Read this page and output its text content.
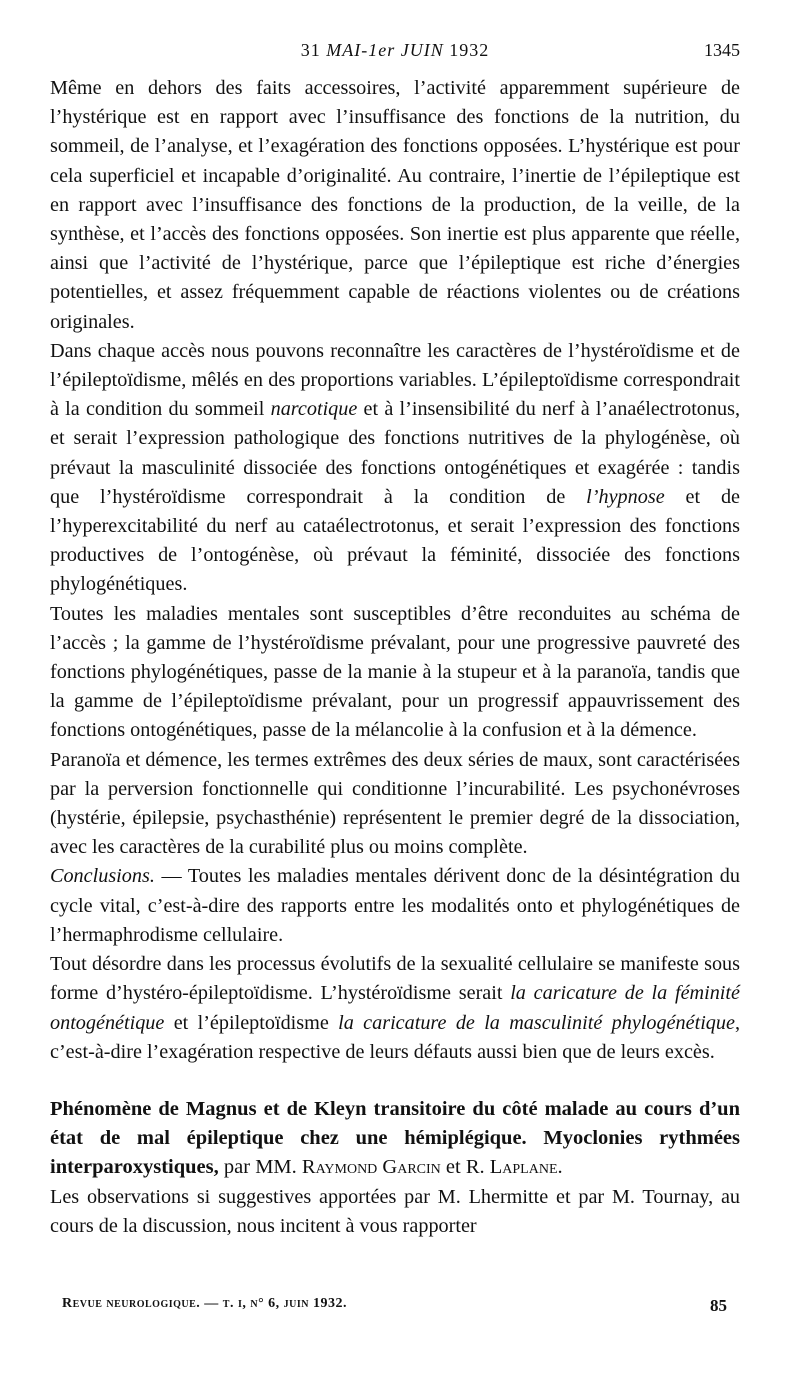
31 MAI-1er JUIN 1932	1345

Même en dehors des faits accessoires, l’activité apparemment supérieure de l’hystérique est en rapport avec l’insuffisance des fonctions de la nutrition, du sommeil, de l’analyse, et l’exagération des fonctions opposées. L’hystérique est pour cela superficiel et incapable d’originalité. Au contraire, l’inertie de l’épileptique est en rapport avec l’insuffisance des fonctions de la production, de la veille, de la synthèse, et l’accès des fonctions opposées. Son inertie est plus apparente que réelle, ainsi que l’activité de l’hystérique, parce que l’épileptique est riche d’énergies potentielles, et assez fréquemment capable de réactions violentes ou de créations originales.

Dans chaque accès nous pouvons reconnaître les caractères de l’hystéroïdisme et de l’épileptoïdisme, mêlés en des proportions variables. L’épileptoïdisme correspondrait à la condition du sommeil narcotique et à l’insensibilité du nerf à l’anaélectrotonus, et serait l’expression pathologique des fonctions nutritives de la phylogénèse, où prévaut la masculinité dissociée des fonctions ontogénétiques et exagérée : tandis que l’hystéroïdisme correspondrait à la condition de l’hypnose et de l’hyperexcitabilité du nerf au cataélectrotonus, et serait l’expression des fonctions productives de l’ontogénèse, où prévaut la féminité, dissociée des fonctions phylogénétiques.

Toutes les maladies mentales sont susceptibles d’être reconduites au schéma de l’accès ; la gamme de l’hystéroïdisme prévalant, pour une progressive pauvreté des fonctions phylogénétiques, passe de la manie à la stupeur et à la paranoïa, tandis que la gamme de l’épileptoïdisme prévalant, pour un progressif appauvrissement des fonctions ontogénétiques, passe de la mélancolie à la confusion et à la démence.

Paranoïa et démence, les termes extrêmes des deux séries de maux, sont caractérisées par la perversion fonctionnelle qui conditionne l’incurabilité. Les psychonévroses (hystérie, épilepsie, psychasthénie) représentent le premier degré de la dissociation, avec les caractères de la curabilité plus ou moins complète.

Conclusions. — Toutes les maladies mentales dérivent donc de la désintégration du cycle vital, c’est-à-dire des rapports entre les modalités onto et phylogénétiques de l’hermaphrodisme cellulaire.

Tout désordre dans les processus évolutifs de la sexualité cellulaire se manifeste sous forme d’hystéro-épileptoïdisme. L’hystéroïdisme serait la caricature de la féminité ontogénétique et l’épileptoïdisme la caricature de la masculinité phylogénétique, c’est-à-dire l’exagération respective de leurs défauts aussi bien que de leurs excès.

Phénomène de Magnus et de Kleyn transitoire du côté malade au cours d’un état de mal épileptique chez une hémiplégique. Myoclonies rythmées interparoxystiques, par MM. Raymond Garcin et R. Laplane.

Les observations si suggestives apportées par M. Lhermitte et par M. Tournay, au cours de la discussion, nous incitent à vous rapporter

Revue neurologique. — t. i, n° 6, juin 1932.	85
